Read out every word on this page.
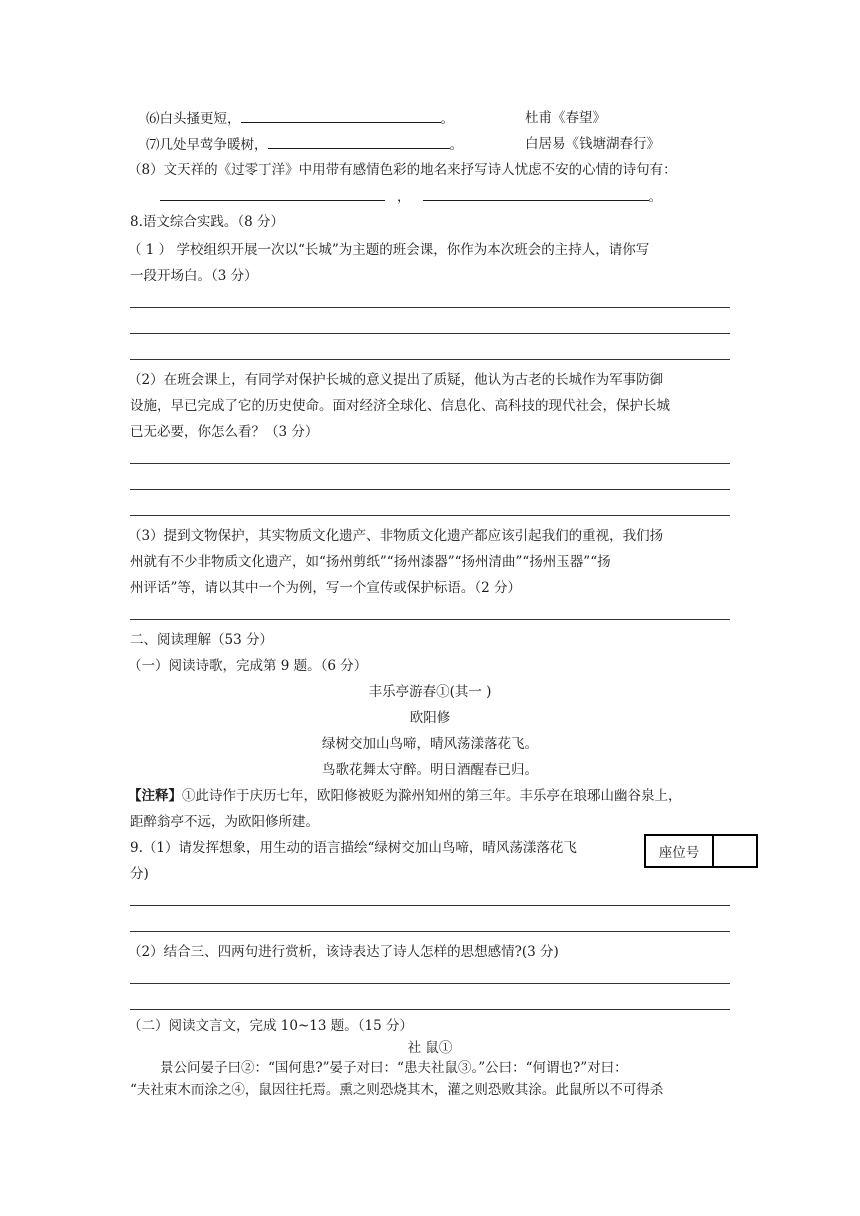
⑹白头搔更短，	。	杜甫《春望》
⑺几处早莺争暖树，	。	白居易《钱塘湖春行》
（8）文天祥的《过零丁洋》中用带有感情色彩的地名来抒写诗人忧虑不安的心情的诗句有：
，	。
8.语文综合实践。（8 分）
（ 1 ） 学校组织开展一次以“长城”为主题的班会课，你作为本次班会的主持人，请你写
一段开场白。（3 分）
（2）在班会课上，有同学对保护长城的意义提出了质疑，他认为古老的长城作为军事防御
设施，早已完成了它的历史使命。面对经济全球化、信息化、高科技的现代社会，保护长城
已无必要，你怎么看？（3 分）
（3）提到文物保护，其实物质文化遗产、非物质文化遗产都应该引起我们的重视，我们扬
州就有不少非物质文化遗产，如“扬州剪纸”“扬州漆器”“扬州清曲”“扬州玉器”“扬
州评话”等，请以其中一个为例，写一个宣传或保护标语。（2 分）
二、阅读理解（53 分）
（一）阅读诗歌，完成第 9 题。（6 分）
丰乐亭游春①(其一 )
欧阳修
绿树交加山鸟啼，晴风荡漾落花飞。
鸟歌花舞太守醉。明日酒醒春已归。
【注释】①此诗作于庆历七年，欧阳修被贬为滁州知州的第三年。丰乐亭在琅琊山幽谷泉上，
距醉翁亭不远，为欧阳修所建。
9.（1）请发挥想象，用生动的语言描绘“绿树交加山鸟啼，晴风荡漾落花飞
分)
（2）结合三、四两句进行赏析，该诗表达了诗人怎样的思想感情?(3 分)
（二）阅读文言文，完成 10~13 题。（15 分）
社 鼠①
景公问晏子曰②：“国何患?”晏子对曰：“患夫社鼠③。”公曰：“何谓也?”对曰：
“夫社束木而涂之④，鼠因往托焉。熏之则恐烧其木，灌之则恐败其涂。此鼠所以不可得杀
座位号
